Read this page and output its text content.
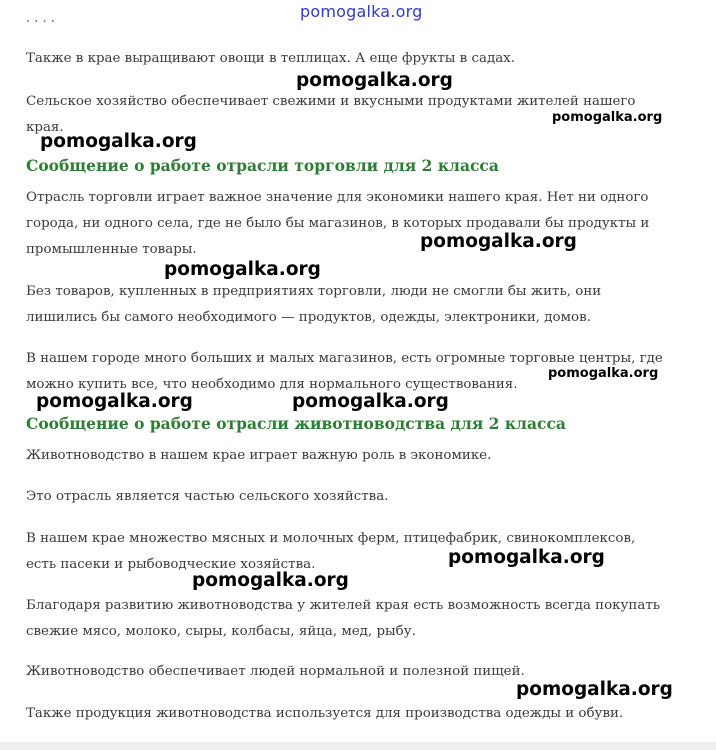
. . . .	pomogalka.org

Также в крае выращивают овощи в теплицах. А еще фрукты в садах.

Сельское хозяйство обеспечивает свежими и вкусными продуктами жителей нашего края.

Сообщение о работе отрасли торговли для 2 класса

Отрасль торговли играет важное значение для экономики нашего края. Нет ни одного города, ни одного села, где не было бы магазинов, в которых продавали бы продукты и промышленные товары.

Без товаров, купленных в предприятиях торговли, люди не смогли бы жить, они лишились бы самого необходимого — продуктов, одежды, электроники, домов.

В нашем городе много больших и малых магазинов, есть огромные торговые центры, где можно купить все, что необходимо для нормального существования.

Сообщение о работе отрасли животноводства для 2 класса

Животноводство в нашем крае играет важную роль в экономике.

Это отрасль является частью сельского хозяйства.

В нашем крае множество мясных и молочных ферм, птицефабрик, свинокомплексов, есть пасеки и рыбоводческие хозяйства.

Благодаря развитию животноводства у жителей края есть возможность всегда покупать свежие мясо, молоко, сыры, колбасы, яйца, мед, рыбу.

Животноводство обеспечивает людей нормальной и полезной пищей.

Также продукция животноводства используется для производства одежды и обуви.

pomogalka.org
pomogalka.org
pomogalka.org
pomogalka.org
pomogalka.org
pomogalka.org
pomogalka.org	pomogalka.org
pomogalka.org
pomogalka.org
pomogalka.org
